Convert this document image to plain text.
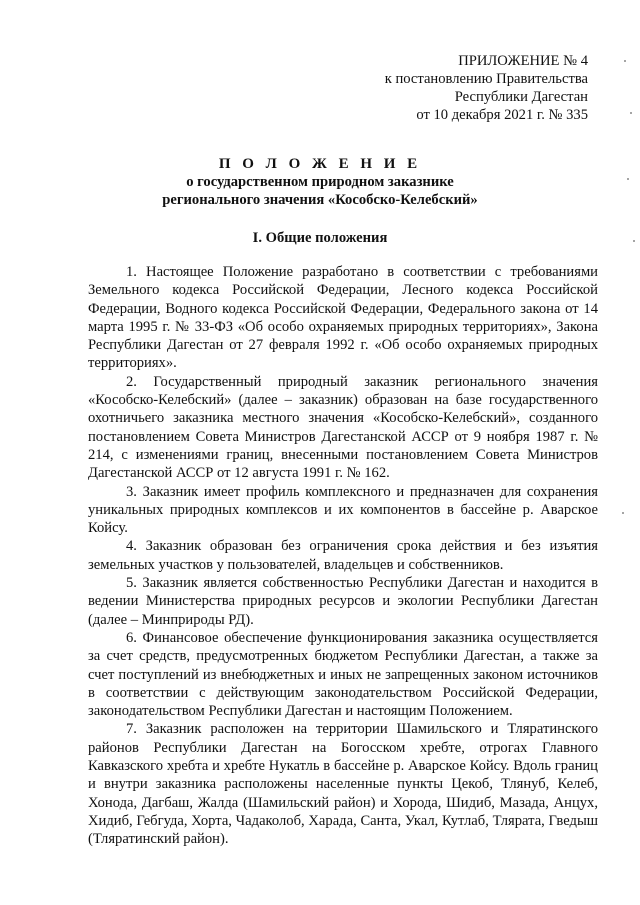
ПРИЛОЖЕНИЕ № 4
к постановлению Правительства
Республики Дагестан
от 10 декабря 2021 г. № 335
П О Л О Ж Е Н И Е
о государственном природном заказнике
регионального значения «Кособско-Келебский»
I. Общие положения

1. Настоящее Положение разработано в соответствии с требованиями Земельного кодекса Российской Федерации, Лесного кодекса Российской Федерации, Водного кодекса Российской Федерации, Федерального закона от 14 марта 1995 г. № 33-ФЗ «Об особо охраняемых природных территориях», Закона Республики Дагестан от 27 февраля 1992 г. «Об особо охраняемых природных территориях».

2. Государственный природный заказник регионального значения «Кособско-Келебский» (далее – заказник) образован на базе государственного охотничьего заказника местного значения «Кособско-Келебский», созданного постановлением Совета Министров Дагестанской АССР от 9 ноября 1987 г. № 214, с изменениями границ, внесенными постановлением Совета Министров Дагестанской АССР от 12 августа 1991 г. № 162.

3. Заказник имеет профиль комплексного и предназначен для сохранения уникальных природных комплексов и их компонентов в бассейне р. Аварское Койсу.

4. Заказник образован без ограничения срока действия и без изъятия земельных участков у пользователей, владельцев и собственников.

5. Заказник является собственностью Республики Дагестан и находится в ведении Министерства природных ресурсов и экологии Республики Дагестан (далее – Минприроды РД).

6. Финансовое обеспечение функционирования заказника осуществляется за счет средств, предусмотренных бюджетом Республики Дагестан, а также за счет поступлений из внебюджетных и иных не запрещенных законом источников в соответствии с действующим законодательством Российской Федерации, законодательством Республики Дагестан и настоящим Положением.

7. Заказник расположен на территории Шамильского и Тляратинского районов Республики Дагестан на Богосском хребте, отрогах Главного Кавказского хребта и хребте Нукатль в бассейне р. Аварское Койсу. Вдоль границ и внутри заказника расположены населенные пункты Цекоб, Тлянуб, Келеб, Хонода, Дагбаш, Жалда (Шамильский район) и Хорода, Шидиб, Мазада, Анцух, Хидиб, Гебгуда, Хорта, Чадаколоб, Харада, Санта, Укал, Кутлаб, Тлярата, Гведыш (Тляратинский район).
